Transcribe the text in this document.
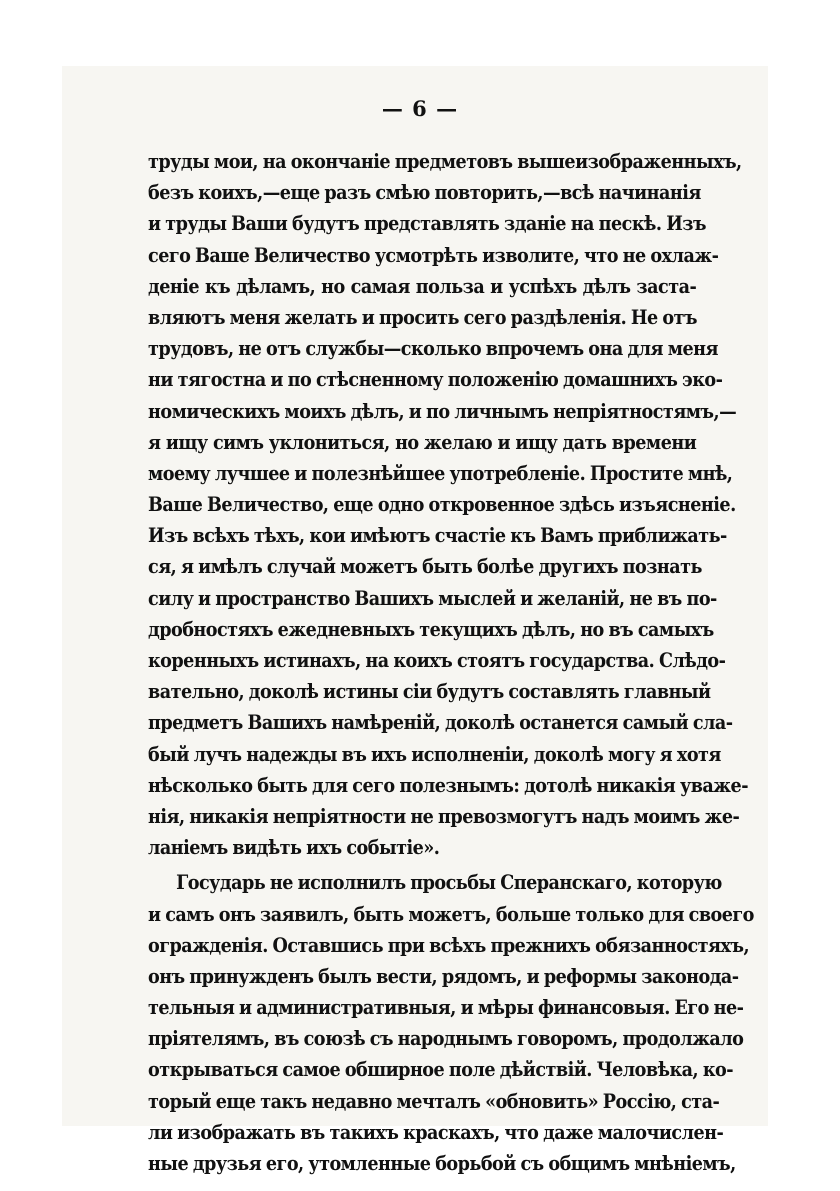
— 6 —
труды мои, на окончаніе предметовъ вышеизображенныхъ,
безъ коихъ,—еще разъ смѣю повторить,—всѣ начинанія
и труды Ваши будутъ представлять зданіе на пескѣ. Изъ
сего Ваше Величество усмотрѣть изволите, что не охлаж-
деніе къ дѣламъ, но самая польза и успѣхъ дѣлъ заста-
вляютъ меня желать и просить сего раздѣленія. Не отъ
трудовъ, не отъ службы—сколько впрочемъ она для меня
ни тягостна и по стѣсненному положенію домашнихъ эко-
номическихъ моихъ дѣлъ, и по личнымъ непріятностямъ,—
я ищу симъ уклониться, но желаю и ищу дать времени
моему лучшее и полезнѣйшее употребленіе. Простите мнѣ,
Ваше Величество, еще одно откровенное здѣсь изъясненіе.
Изъ всѣхъ тѣхъ, кои имѣютъ счастіе къ Вамъ приближать-
ся, я имѣлъ случай можетъ быть болѣе другихъ познать
силу и пространство Вашихъ мыслей и желаній, не въ по-
дробностяхъ ежедневныхъ текущихъ дѣлъ, но въ самыхъ
коренныхъ истинахъ, на коихъ стоятъ государства. Слѣдо-
вательно, доколѣ истины сіи будутъ составлять главный
предметъ Вашихъ намѣреній, доколѣ останется самый сла-
бый лучъ надежды въ ихъ исполненіи, доколѣ могу я хотя
нѣсколько быть для сего полезнымъ: дотолѣ никакія уваже-
нія, никакія непріятности не превозмогутъ надъ моимъ же-
ланіемъ видѣть ихъ событіе».
Государь не исполнилъ просьбы Сперанскаго, которую
и самъ онъ заявилъ, быть можетъ, больше только для своего
огражденія. Оставшись при всѣхъ прежнихъ обязанностяхъ,
онъ принужденъ былъ вести, рядомъ, и реформы законода-
тельныя и административныя, и мѣры финансовыя. Его не-
пріятелямъ, въ союзѣ съ народнымъ говоромъ, продолжало
открываться самое обширное поле дѣйствій. Человѣка, ко-
торый еще такъ недавно мечталъ «обновить» Россію, ста-
ли изображать въ такихъ краскахъ, что даже малочислен-
ные друзья его, утомленные борьбой съ общимъ мнѣніемъ,
